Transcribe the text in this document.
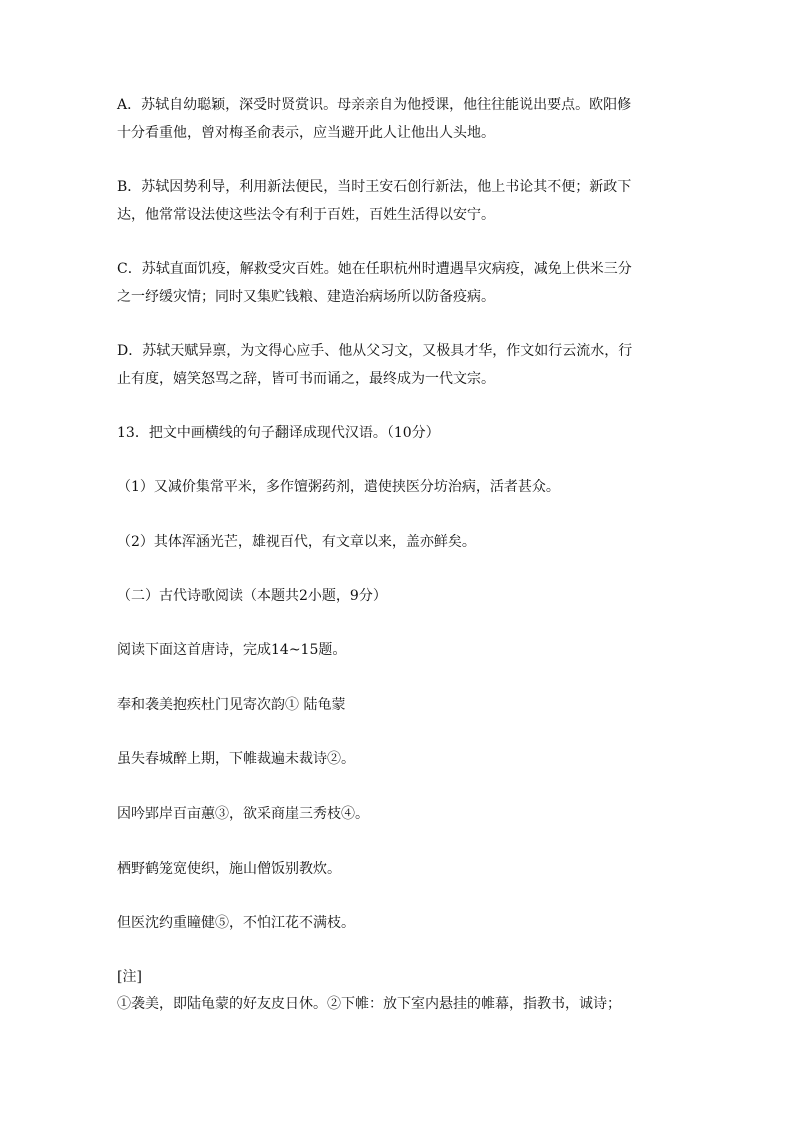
A．苏轼自幼聪颖，深受时贤赏识。母亲亲自为他授课，他往往能说出要点。欧阳修

十分看重他，曾对梅圣俞表示，应当避开此人让他出人头地。

B．苏轼因势利导，利用新法便民，当时王安石创行新法，他上书论其不便；新政下

达，他常常设法使这些法令有利于百姓，百姓生活得以安宁。

C．苏轼直面饥疫，解救受灾百姓。她在任职杭州时遭遇旱灾病疫，减免上供米三分

之一纾缓灾情；同时又集贮钱粮、建造治病场所以防备疫病。

D．苏轼天赋异禀，为文得心应手、他从父习文，又极具才华，作文如行云流水，行

止有度，嬉笑怒骂之辞，皆可书而诵之，最终成为一代文宗。

13．把文中画横线的句子翻译成现代汉语。（10分）

（1）又减价集常平米，多作𫗴粥药剂，遣使挟医分坊治病，活者甚众。

（2）其体浑涵光芒，雄视百代，有文章以来，盖亦鲜矣。

（二）古代诗歌阅读（本题共2小题，9分）

阅读下面这首唐诗，完成14~15题。

奉和袭美抱疾杜门见寄次韵① 陆龟蒙

虽失春城醉上期，下帷裁遍未裁诗②。

因吟郢岸百亩蕙③，欲采商崖三秀枝④。

栖野鹤笼宽使织，施山僧饭别教炊。

但医沈约重瞳健⑤，不怕江花不满枝。

[注]

①袭美，即陆龟蒙的好友皮日休。②下帷：放下室内悬挂的帷幕，指教书，诚诗；
